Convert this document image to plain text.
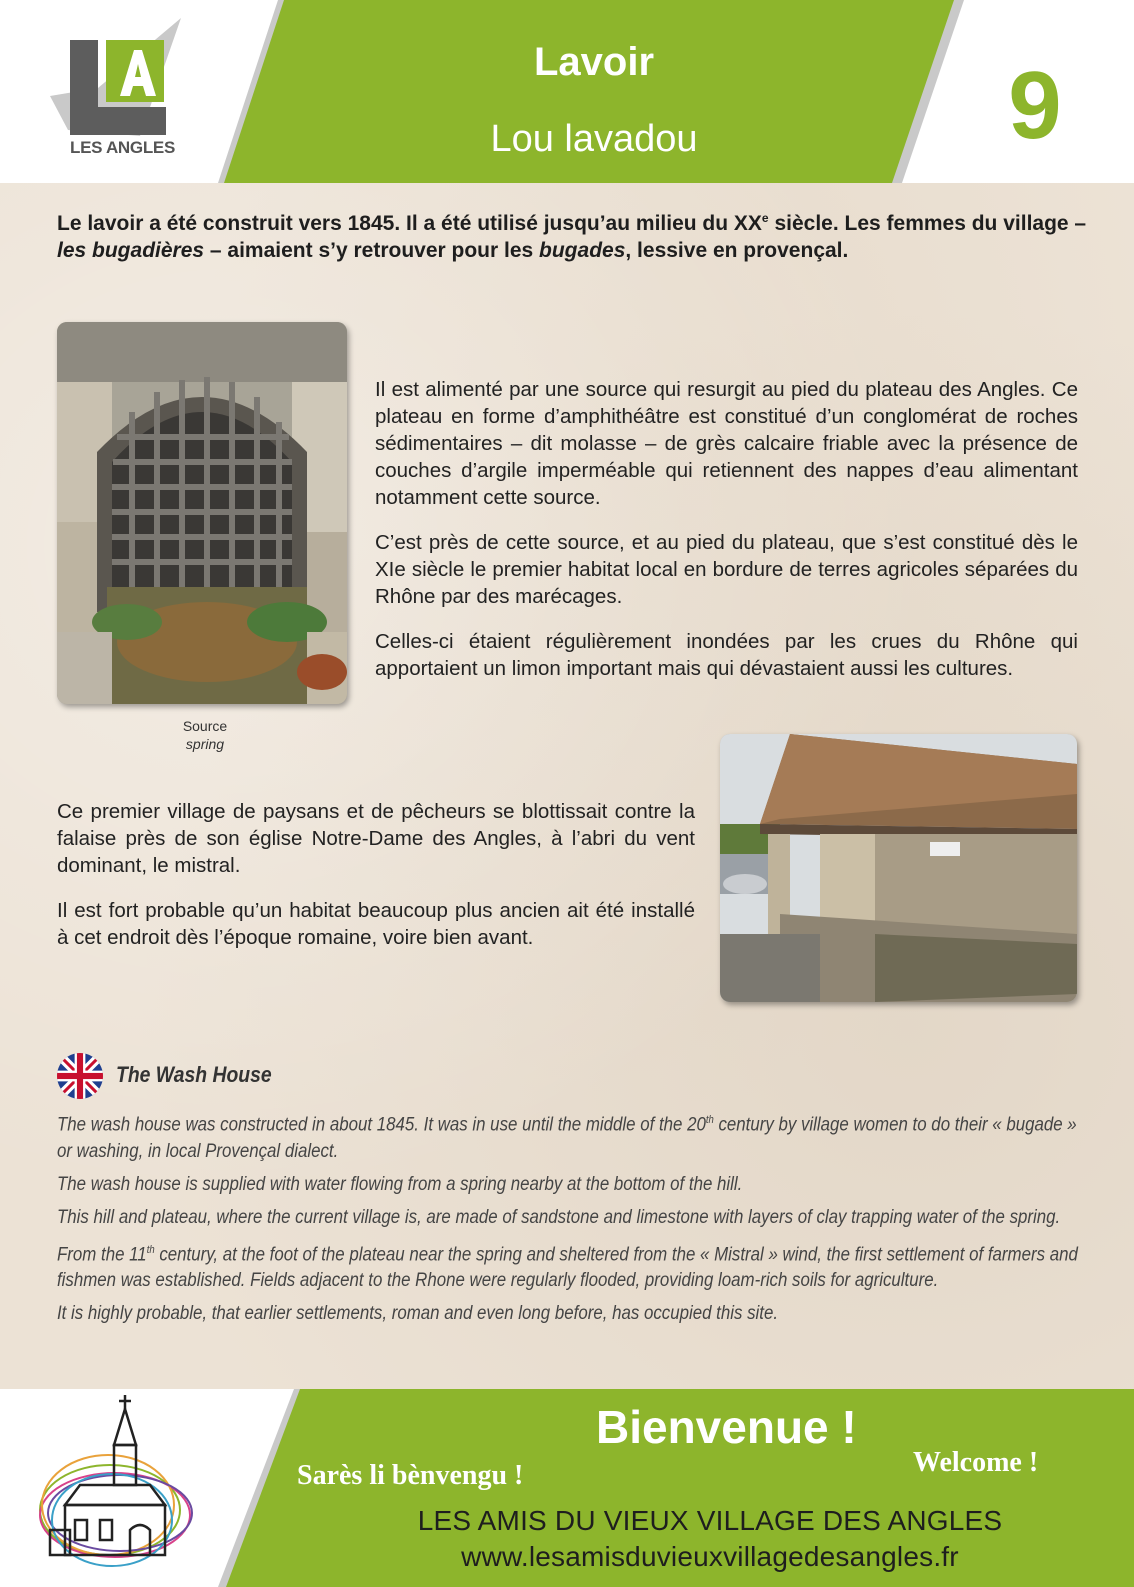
LES ANGLES
Lavoir
Lou lavadou	9
Le lavoir a été construit vers 1845. Il a été utilisé jusqu’au milieu du XXe siècle. Les femmes du village – les bugadières – aimaient s’y retrouver pour les bugades, lessive en provençal.
Source
spring

Il est alimenté par une source qui resurgit au pied du plateau des Angles. Ce plateau en forme d’amphithéâtre est constitué d’un conglomérat de roches sédimentaires – dit molasse – de grès calcaire friable avec la présence de couches d’argile imperméable qui retiennent des nappes d’eau alimentant notamment cette source.

C’est près de cette source, et au pied du plateau, que s’est constitué dès le XIe siècle le premier habitat local en bordure de terres agricoles séparées du Rhône par des marécages.

Celles-ci étaient régulièrement inondées par les crues du Rhône qui apportaient un limon important mais qui dévastaient aussi les cultures.

Ce premier village de paysans et de pêcheurs se blottissait contre la falaise près de son église Notre-Dame des Angles, à l’abri du vent dominant, le mistral.

Il est fort probable qu’un habitat beaucoup plus ancien ait été installé à cet endroit dès l’époque romaine, voire bien avant.

The Wash House

The wash house was constructed in about 1845. It was in use until the middle of the 20th century by village women to do their « bugade » or washing, in local Provençal dialect.

The wash house is supplied with water flowing from a spring nearby at the bottom of the hill.

This hill and plateau, where the current village is, are made of sandstone and limestone with layers of clay trapping water of the spring.

From the 11th century, at the foot of the plateau near the spring and sheltered from the « Mistral » wind, the first settlement of farmers and fishmen was established. Fields adjacent to the Rhone were regularly flooded, providing loam-rich soils for agriculture.

It is highly probable, that earlier settlements, roman and even long before, has occupied this site.

Bienvenue !
Sarès li bènvengu !	Welcome !
LES AMIS DU VIEUX VILLAGE DES ANGLES
www.lesamisduvieuxvillagedesangles.fr
